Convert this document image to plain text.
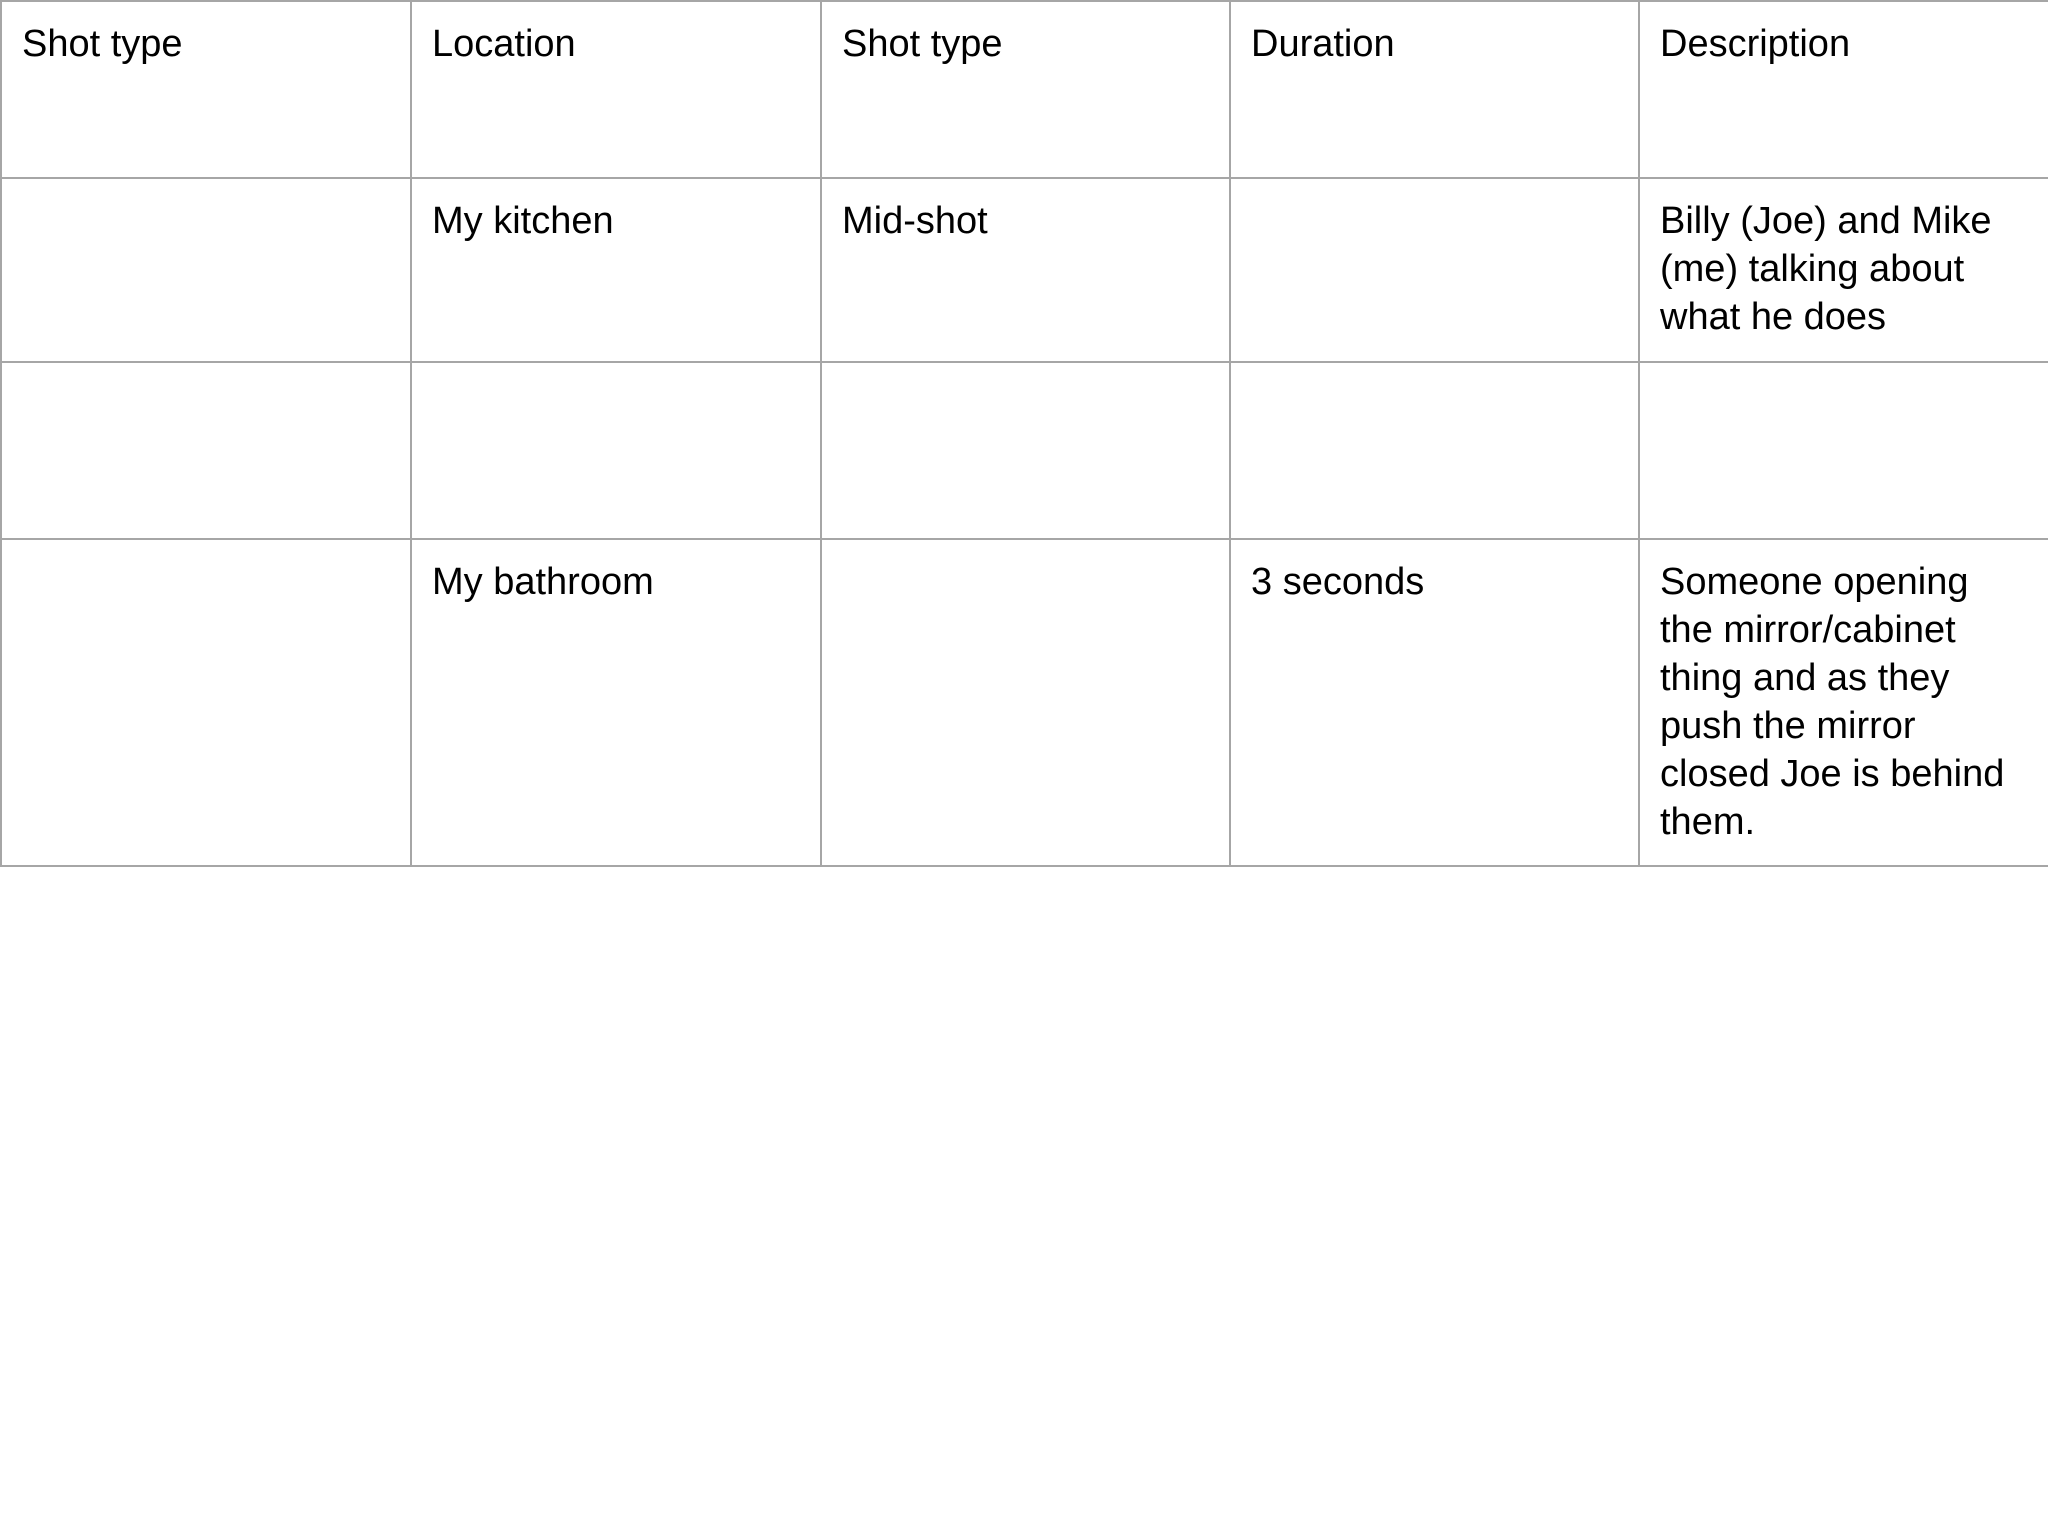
Shot type	Location	Shot type	Duration	Description
	My kitchen	Mid-shot		Billy (Joe) and Mike (me) talking about what he does

	My bathroom		3 seconds	Someone opening the mirror/cabinet thing and as they push the mirror closed Joe is behind them.
